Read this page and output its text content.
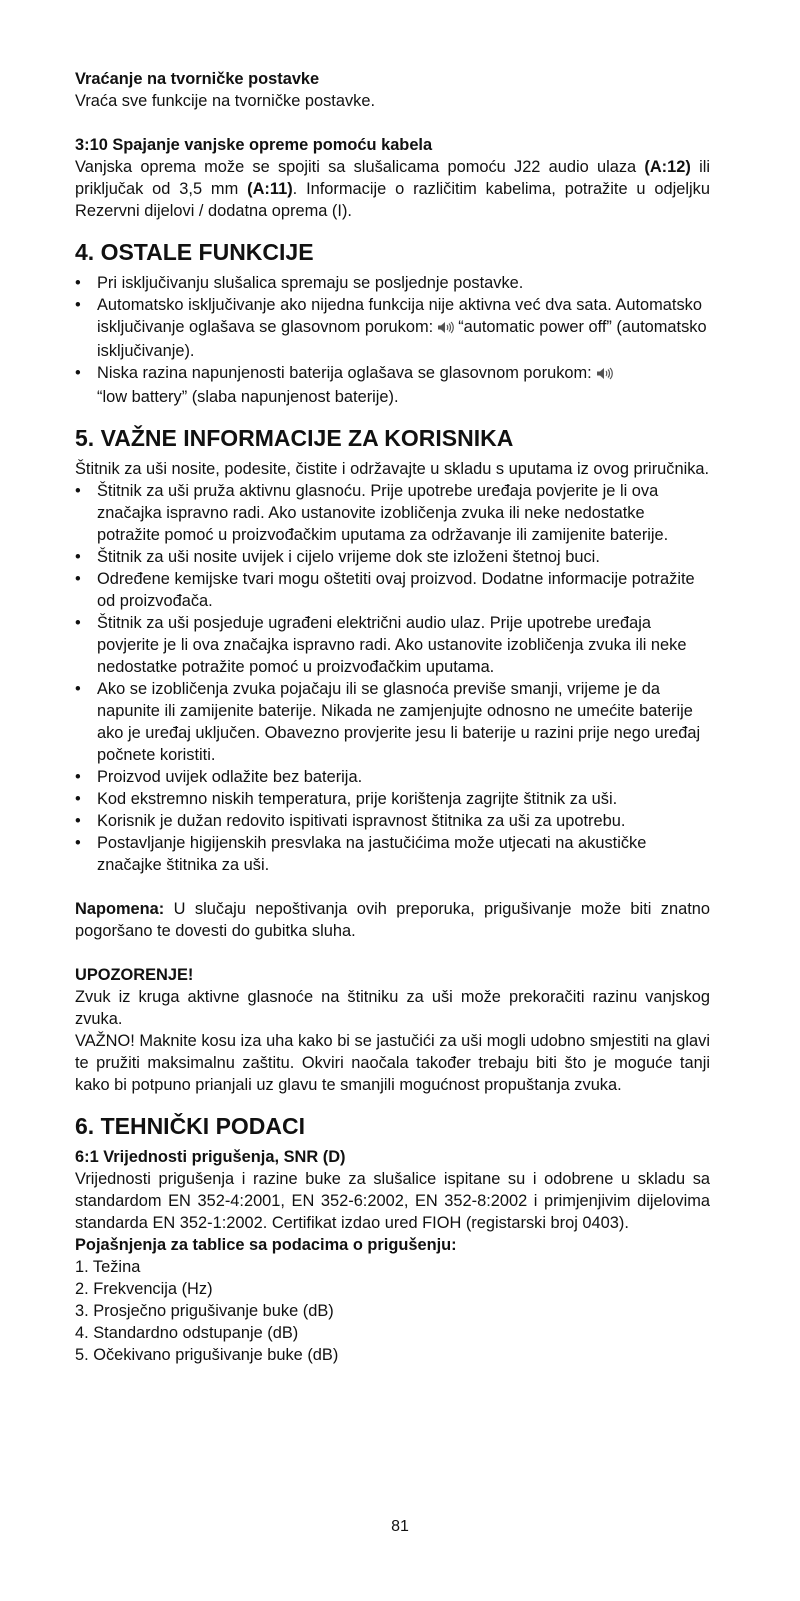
Vraćanje na tvorničke postavke

Vraća sve funkcije na tvorničke postavke.

3:10 Spajanje vanjske opreme pomoću kabela

Vanjska oprema može se spojiti sa slušalicama pomoću J22 audio ulaza (A:12) ili priključak od 3,5 mm (A:11). Informacije o različitim kabelima, potražite u odjeljku Rezervni dijelovi / dodatna oprema (I).

4. OSTALE FUNKCIJE
• Pri isključivanju slušalica spremaju se posljednje postavke.
• Automatsko isključivanje ako nijedna funkcija nije aktivna već dva sata. Automatsko isključivanje oglašava se glasovnom porukom: “automatic power off” (automatsko isključivanje).
• Niska razina napunjenosti baterija oglašava se glasovnom porukom:
“low battery” (slaba napunjenost baterije).
5. VAŽNE INFORMACIJE ZA KORISNIKA

Štitnik za uši nosite, podesite, čistite i održavajte u skladu s uputama iz ovog priručnika.

• Štitnik za uši pruža aktivnu glasnoću. Prije upotrebe uređaja povjerite je li ova značajka ispravno radi. Ako ustanovite izobličenja zvuka ili neke nedostatke potražite pomoć u proizvođačkim uputama za održavanje ili zamijenite baterije.
• Štitnik za uši nosite uvijek i cijelo vrijeme dok ste izloženi štetnoj buci.
• Određene kemijske tvari mogu oštetiti ovaj proizvod. Dodatne informacije potražite od proizvođača.
• Štitnik za uši posjeduje ugrađeni električni audio ulaz. Prije upotrebe uređaja povjerite je li ova značajka ispravno radi. Ako ustanovite izobličenja zvuka ili neke nedostatke potražite pomoć u proizvođačkim uputama.
• Ako se izobličenja zvuka pojačaju ili se glasnoća previše smanji, vrijeme je da napunite ili zamijenite baterije. Nikada ne zamjenjujte odnosno ne umećite baterije ako je uređaj uključen. Obavezno provjerite jesu li baterije u razini prije nego uređaj počnete koristiti.
• Proizvod uvijek odlažite bez baterija.
• Kod ekstremno niskih temperatura, prije korištenja zagrijte štitnik za uši.
• Korisnik je dužan redovito ispitivati ispravnost štitnika za uši za upotrebu.
• Postavljanje higijenskih presvlaka na jastučićima može utjecati na akustičke značajke štitnika za uši.

Napomena: U slučaju nepoštivanja ovih preporuka, prigušivanje može biti znatno pogoršano te dovesti do gubitka sluha.

UPOZORENJE!

Zvuk iz kruga aktivne glasnoće na štitniku za uši može prekoračiti razinu vanjskog zvuka.

VAŽNO! Maknite kosu iza uha kako bi se jastučići za uši mogli udobno smjestiti na glavi te pružiti maksimalnu zaštitu. Okviri naočala također trebaju biti što je moguće tanji kako bi potpuno prianjali uz glavu te smanjili mogućnost propuštanja zvuka.

6. TEHNIČKI PODACI

6:1 Vrijednosti prigušenja, SNR (D)

Vrijednosti prigušenja i razine buke za slušalice ispitane su i odobrene u skladu sa standardom EN 352-4:2001, EN 352-6:2002, EN 352-8:2002 i primjenjivim dijelovima standarda EN 352-1:2002. Certifikat izdao ured FIOH (registarski broj 0403).

Pojašnjenja za tablice sa podacima o prigušenju:

1. Težina

2. Frekvencija (Hz)

3. Prosječno prigušivanje buke (dB)

4. Standardno odstupanje (dB)

5. Očekivano prigušivanje buke (dB)

81
